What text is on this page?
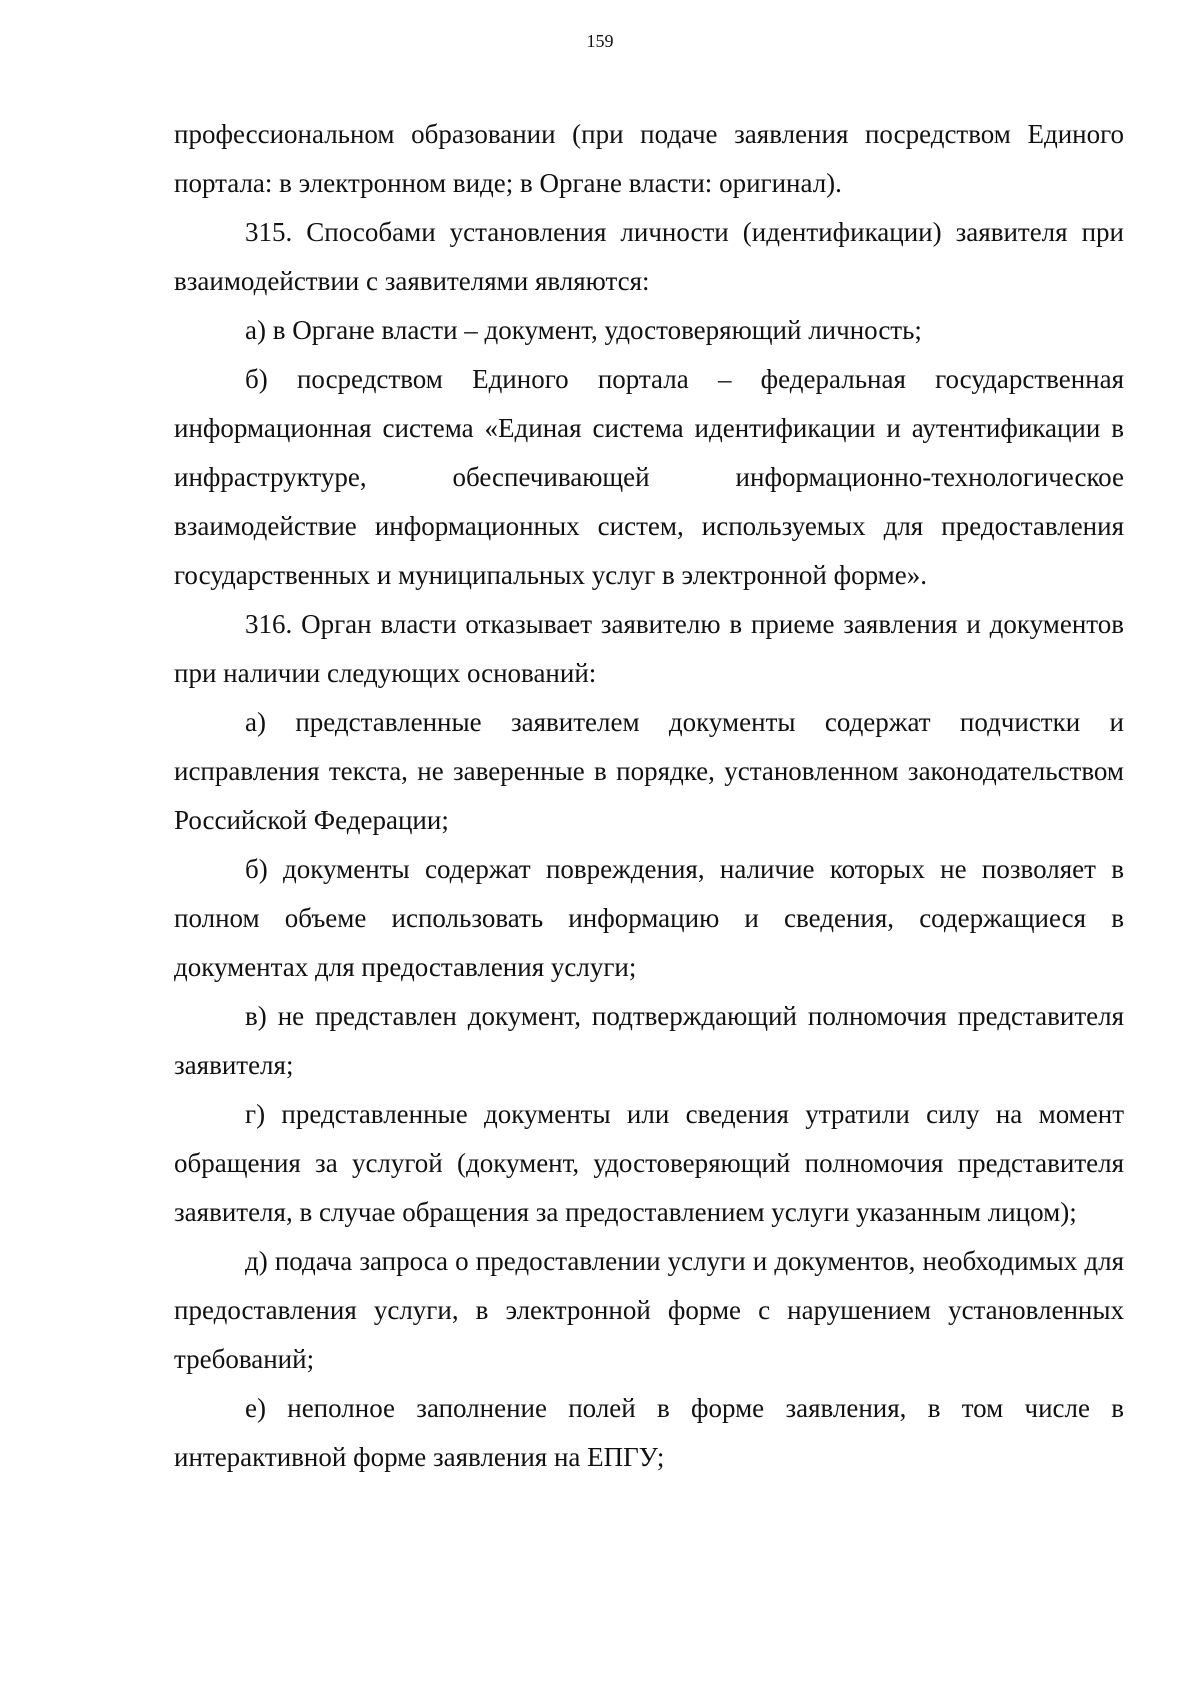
159

профессиональном образовании (при подаче заявления посредством Единого портала: в электронном виде; в Органе власти: оригинал).

315. Способами установления личности (идентификации) заявителя при взаимодействии с заявителями являются:

а) в Органе власти – документ, удостоверяющий личность;

б) посредством Единого портала – федеральная государственная информационная система «Единая система идентификации и аутентификации в инфраструктуре, обеспечивающей информационно-технологическое взаимодействие информационных систем, используемых для предоставления государственных и муниципальных услуг в электронной форме».

316. Орган власти отказывает заявителю в приеме заявления и документов при наличии следующих оснований:

а) представленные заявителем документы содержат подчистки и исправления текста, не заверенные в порядке, установленном законодательством Российской Федерации;

б) документы содержат повреждения, наличие которых не позволяет в полном объеме использовать информацию и сведения, содержащиеся в документах для предоставления услуги;

в) не представлен документ, подтверждающий полномочия представителя заявителя;

г) представленные документы или сведения утратили силу на момент обращения за услугой (документ, удостоверяющий полномочия представителя заявителя, в случае обращения за предоставлением услуги указанным лицом);

д) подача запроса о предоставлении услуги и документов, необходимых для предоставления услуги, в электронной форме с нарушением установленных требований;

е) неполное заполнение полей в форме заявления, в том числе в интерактивной форме заявления на ЕПГУ;
